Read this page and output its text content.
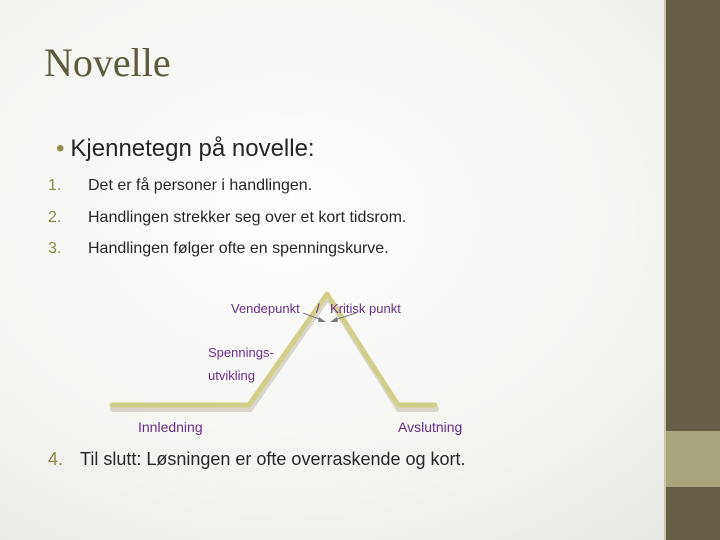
Novelle
• Kjennetegn på novelle:
1. Det er få personer i handlingen.
2. Handlingen strekker seg over et kort tidsrom.
3. Handlingen følger ofte en spenningskurve.
Vendepunkt / Kritisk punkt
Spennings-
utvikling
Innledning	Avslutning
4. Til slutt: Løsningen er ofte overraskende og kort.
